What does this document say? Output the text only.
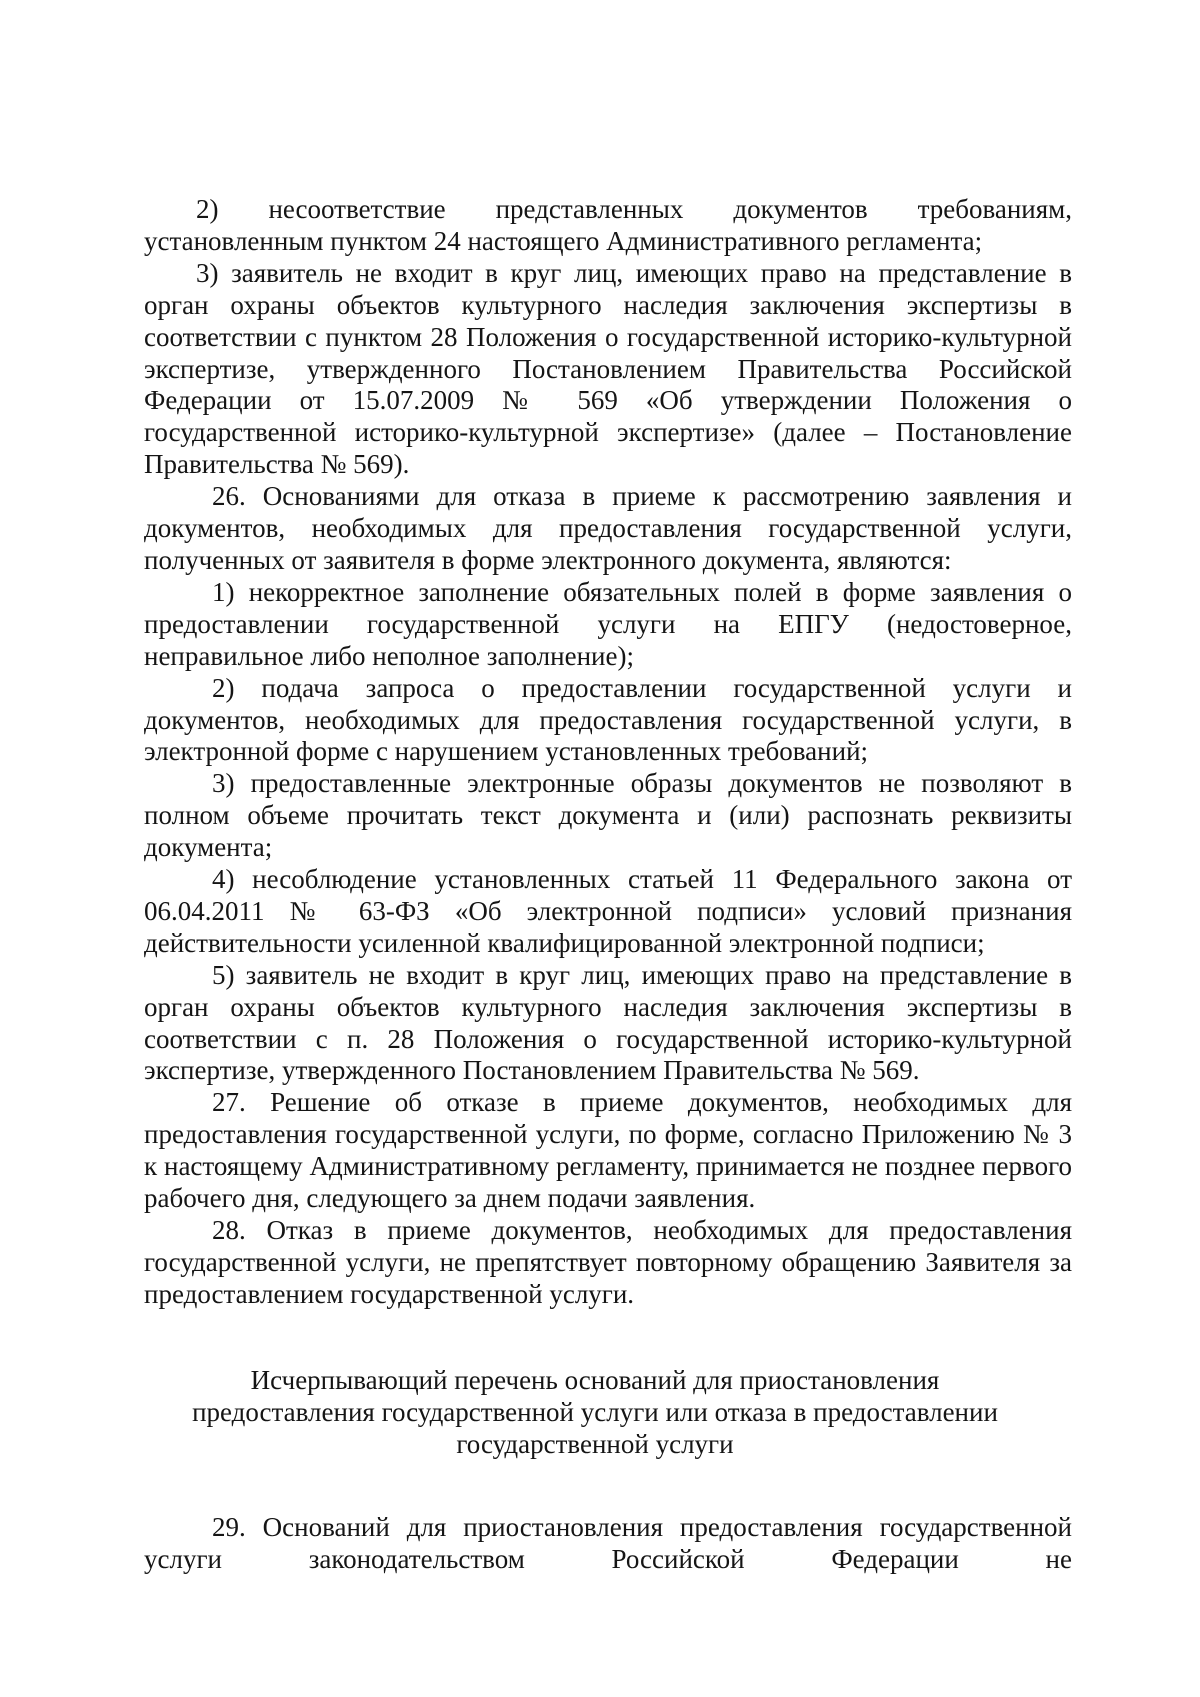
2) несоответствие представленных документов требованиям, установленным пунктом 24 настоящего Административного регламента;

3) заявитель не входит в круг лиц, имеющих право на представление в орган охраны объектов культурного наследия заключения экспертизы в соответствии с пунктом 28 Положения о государственной историко-культурной экспертизе, утвержденного Постановлением Правительства Российской Федерации от 15.07.2009 № 569 «Об утверждении Положения о государственной историко-культурной экспертизе» (далее – Постановление Правительства № 569).

26. Основаниями для отказа в приеме к рассмотрению заявления и документов, необходимых для предоставления государственной услуги, полученных от заявителя в форме электронного документа, являются:

1) некорректное заполнение обязательных полей в форме заявления о предоставлении государственной услуги на ЕПГУ (недостоверное, неправильное либо неполное заполнение);

2) подача запроса о предоставлении государственной услуги и документов, необходимых для предоставления государственной услуги, в электронной форме с нарушением установленных требований;

3) предоставленные электронные образы документов не позволяют в полном объеме прочитать текст документа и (или) распознать реквизиты документа;

4) несоблюдение установленных статьей 11 Федерального закона от 06.04.2011 № 63-ФЗ «Об электронной подписи» условий признания действительности усиленной квалифицированной электронной подписи;

5) заявитель не входит в круг лиц, имеющих право на представление в орган охраны объектов культурного наследия заключения экспертизы в соответствии с п. 28 Положения о государственной историко-культурной экспертизе, утвержденного Постановлением Правительства № 569.

27. Решение об отказе в приеме документов, необходимых для предоставления государственной услуги, по форме, согласно Приложению № 3 к настоящему Административному регламенту, принимается не позднее первого рабочего дня, следующего за днем подачи заявления.

28. Отказ в приеме документов, необходимых для предоставления государственной услуги, не препятствует повторному обращению Заявителя за предоставлением государственной услуги.

Исчерпывающий перечень оснований для приостановления
предоставления государственной услуги или отказа в предоставлении
государственной услуги

29. Оснований для приостановления предоставления государственной услуги законодательством Российской Федерации не
